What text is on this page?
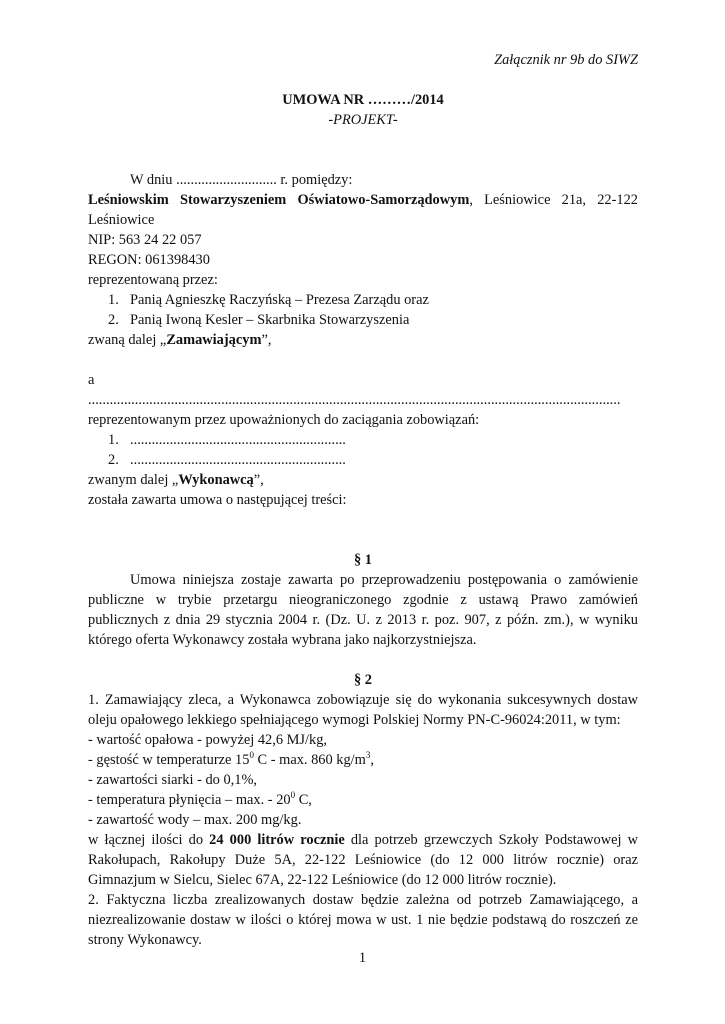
Załącznik nr 9b do SIWZ

UMOWA NR ………/2014

-PROJEKT-

W dniu ............................ r. pomiędzy:

Leśniowskim Stowarzyszeniem Oświatowo-Samorządowym, Leśniowice 21a, 22-122 Leśniowice

NIP: 563 24 22 057

REGON: 061398430

reprezentowaną przez:

1. Panią Agnieszkę Raczyńską – Prezesa Zarządu oraz

2. Panią Iwoną Kesler – Skarbnika Stowarzyszenia

zwaną dalej „Zamawiającym”,

a

....................................................................................................................................................

reprezentowanym przez upoważnionych do zaciągania zobowiązań:

1. ............................................................

2. ............................................................

zwanym dalej „Wykonawcą”,

została zawarta umowa o następującej treści:

§ 1

Umowa niniejsza zostaje zawarta po przeprowadzeniu postępowania o zamówienie publiczne w trybie przetargu nieograniczonego zgodnie z ustawą Prawo zamówień publicznych z dnia 29 stycznia 2004 r. (Dz. U. z 2013 r. poz. 907, z późn. zm.), w wyniku którego oferta Wykonawcy została wybrana jako najkorzystniejsza.

§ 2

1. Zamawiający zleca, a Wykonawca zobowiązuje się do wykonania sukcesywnych dostaw oleju opałowego lekkiego spełniającego wymogi Polskiej Normy PN-C-96024:2011, w tym:

- wartość opałowa - powyżej 42,6 MJ/kg,

- gęstość w temperaturze $15^0$ C - max. 860 $kg/m^3$,

- zawartości siarki - do 0,1%,

- temperatura płynięcia – max. - $20^0$ C,

- zawartość wody – max. 200 mg/kg.

w łącznej ilości do 24 000 litrów rocznie dla potrzeb grzewczych Szkoły Podstawowej w Rakołupach, Rakołupy Duże 5A, 22-122 Leśniowice (do 12 000 litrów rocznie) oraz Gimnazjum w Sielcu, Sielec 67A, 22-122 Leśniowice (do 12 000 litrów rocznie).

2. Faktyczna liczba zrealizowanych dostaw będzie zależna od potrzeb Zamawiającego, a niezrealizowanie dostaw w ilości o której mowa w ust. 1 nie będzie podstawą do roszczeń ze strony Wykonawcy.

1
